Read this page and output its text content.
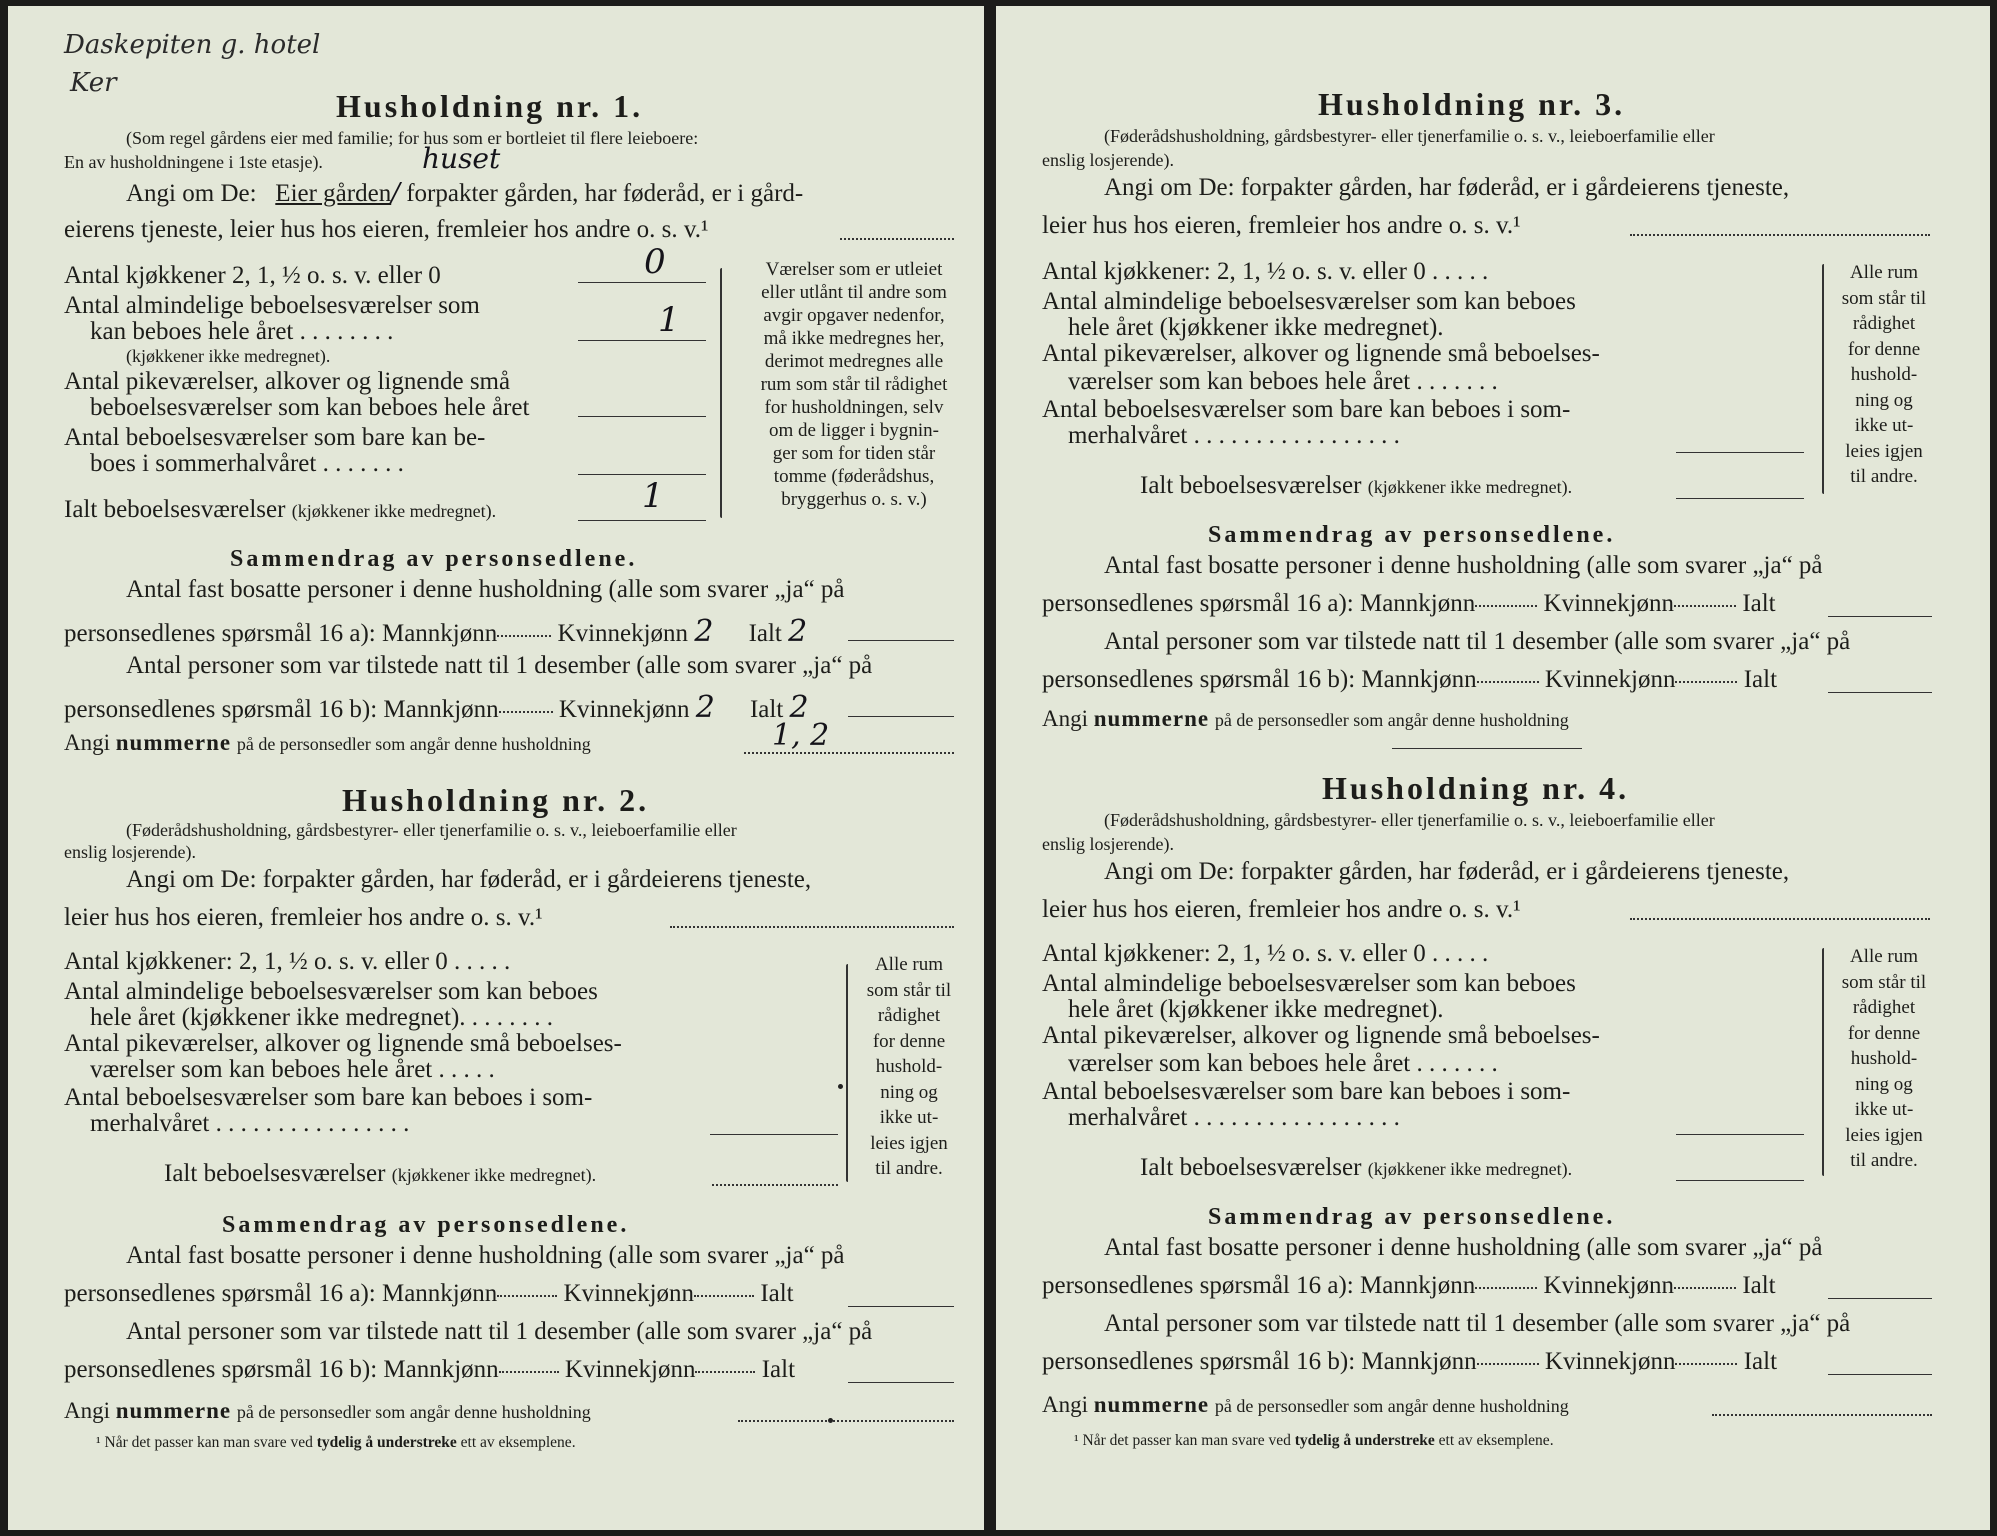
Daskepiten g. hotel
Ker
Husholdning nr. 1.
(Som regel gårdens eier med familie; for hus som er bortleiet til flere leieboere:
En av husholdningene i 1ste etasje).	huset
Angi om De: Eier gården/ forpakter gården, har føderåd, er i gård-
eierens tjeneste, leier hus hos eieren, fremleier hos andre o. s. v.¹
Antal kjøkkener 2, 1, ½ o. s. v. eller 0	0
Antal almindelige beboelsesværelser som
kan beboes hele året . . . . . . . .
(kjøkkener ikke medregnet).
1
Antal pikeværelser, alkover og lignende små
beboelsesværelser som kan beboes hele året
Antal beboelsesværelser som bare kan be-
boes i sommerhalvåret . . . . . . .
Ialt beboelsesværelser (kjøkkener ikke medregnet).	1
Værelser som er utleiet
eller utlånt til andre som
avgir opgaver nedenfor,
må ikke medregnes her,
derimot medregnes alle
rum som står til rådighet
for husholdningen, selv
om de ligger i bygnin-
ger som for tiden står
tomme (føderådshus,
bryggerhus o. s. v.)
Sammendrag av personsedlene.
Antal fast bosatte personer i denne husholdning (alle som svarer „ja“ på
personsedlenes spørsmål 16 a): Mannkjønn Kvinnekjønn 2 Ialt 2
Antal personer som var tilstede natt til 1 desember (alle som svarer „ja“ på
personsedlenes spørsmål 16 b): Mannkjønn Kvinnekjønn 2 Ialt 2
Angi nummerne på de personsedler som angår denne husholdning	1, 2
Husholdning nr. 2.
(Føderådshusholdning, gårdsbestyrer- eller tjenerfamilie o. s. v., leieboerfamilie eller
enslig losjerende).
Angi om De: forpakter gården, har føderåd, er i gårdeierens tjeneste,
leier hus hos eieren, fremleier hos andre o. s. v.¹
Antal kjøkkener: 2, 1, ½ o. s. v. eller 0 . . . . .
Antal almindelige beboelsesværelser som kan beboes
hele året (kjøkkener ikke medregnet). . . . . . . .
Antal pikeværelser, alkover og lignende små beboelses-
værelser som kan beboes hele året . . . . .
Antal beboelsesværelser som bare kan beboes i som-
merhalvåret . . . . . . . . . . . . . . . .
Ialt beboelsesværelser (kjøkkener ikke medregnet).
Alle rum
som står til
rådighet
for denne
hushold-
ning og
ikke ut-
leies igjen
til andre.
Sammendrag av personsedlene.
Antal fast bosatte personer i denne husholdning (alle som svarer „ja“ på
personsedlenes spørsmål 16 a): Mannkjønn	Kvinnekjønn	Ialt
Antal personer som var tilstede natt til 1 desember (alle som svarer „ja“ på
personsedlenes spørsmål 16 b): Mannkjønn	Kvinnekjønn	Ialt
Angi nummerne på de personsedler som angår denne husholdning
¹ Når det passer kan man svare ved tydelig å understreke ett av eksemplene.
Husholdning nr. 3.
(Føderådshusholdning, gårdsbestyrer- eller tjenerfamilie o. s. v., leieboerfamilie eller
enslig losjerende).
Angi om De: forpakter gården, har føderåd, er i gårdeierens tjeneste,
leier hus hos eieren, fremleier hos andre o. s. v.¹
Antal kjøkkener: 2, 1, ½ o. s. v. eller 0 . . . . .
Antal almindelige beboelsesværelser som kan beboes
hele året (kjøkkener ikke medregnet).
Antal pikeværelser, alkover og lignende små beboelses-
værelser som kan beboes hele året . . . . . . .
Antal beboelsesværelser som bare kan beboes i som-
merhalvåret . . . . . . . . . . . . . . . . .
Ialt beboelsesværelser (kjøkkener ikke medregnet).
Alle rum
som står til
rådighet
for denne
hushold-
ning og
ikke ut-
leies igjen
til andre.
Sammendrag av personsedlene.
Antal fast bosatte personer i denne husholdning (alle som svarer „ja“ på
personsedlenes spørsmål 16 a): Mannkjønn	Kvinnekjønn	Ialt
Antal personer som var tilstede natt til 1 desember (alle som svarer „ja“ på
personsedlenes spørsmål 16 b): Mannkjønn	Kvinnekjønn	Ialt
Angi nummerne på de personsedler som angår denne husholdning
Husholdning nr. 4.
(Føderådshusholdning, gårdsbestyrer- eller tjenerfamilie o. s. v., leieboerfamilie eller
enslig losjerende).
Angi om De: forpakter gården, har føderåd, er i gårdeierens tjeneste,
leier hus hos eieren, fremleier hos andre o. s. v.¹
Antal kjøkkener: 2, 1, ½ o. s. v. eller 0 . . . . .
Antal almindelige beboelsesværelser som kan beboes
hele året (kjøkkener ikke medregnet).
Antal pikeværelser, alkover og lignende små beboelses-
værelser som kan beboes hele året . . . . . . .
Antal beboelsesværelser som bare kan beboes i som-
merhalvåret . . . . . . . . . . . . . . . . .
Ialt beboelsesværelser (kjøkkener ikke medregnet).
Alle rum
som står til
rådighet
for denne
hushold-
ning og
ikke ut-
leies igjen
til andre.
Sammendrag av personsedlene.
Antal fast bosatte personer i denne husholdning (alle som svarer „ja“ på
personsedlenes spørsmål 16 a): Mannkjønn	Kvinnekjønn	Ialt
Antal personer som var tilstede natt til 1 desember (alle som svarer „ja“ på
personsedlenes spørsmål 16 b): Mannkjønn	Kvinnekjønn	Ialt
Angi nummerne på de personsedler som angår denne husholdning
¹ Når det passer kan man svare ved tydelig å understreke ett av eksemplene.
